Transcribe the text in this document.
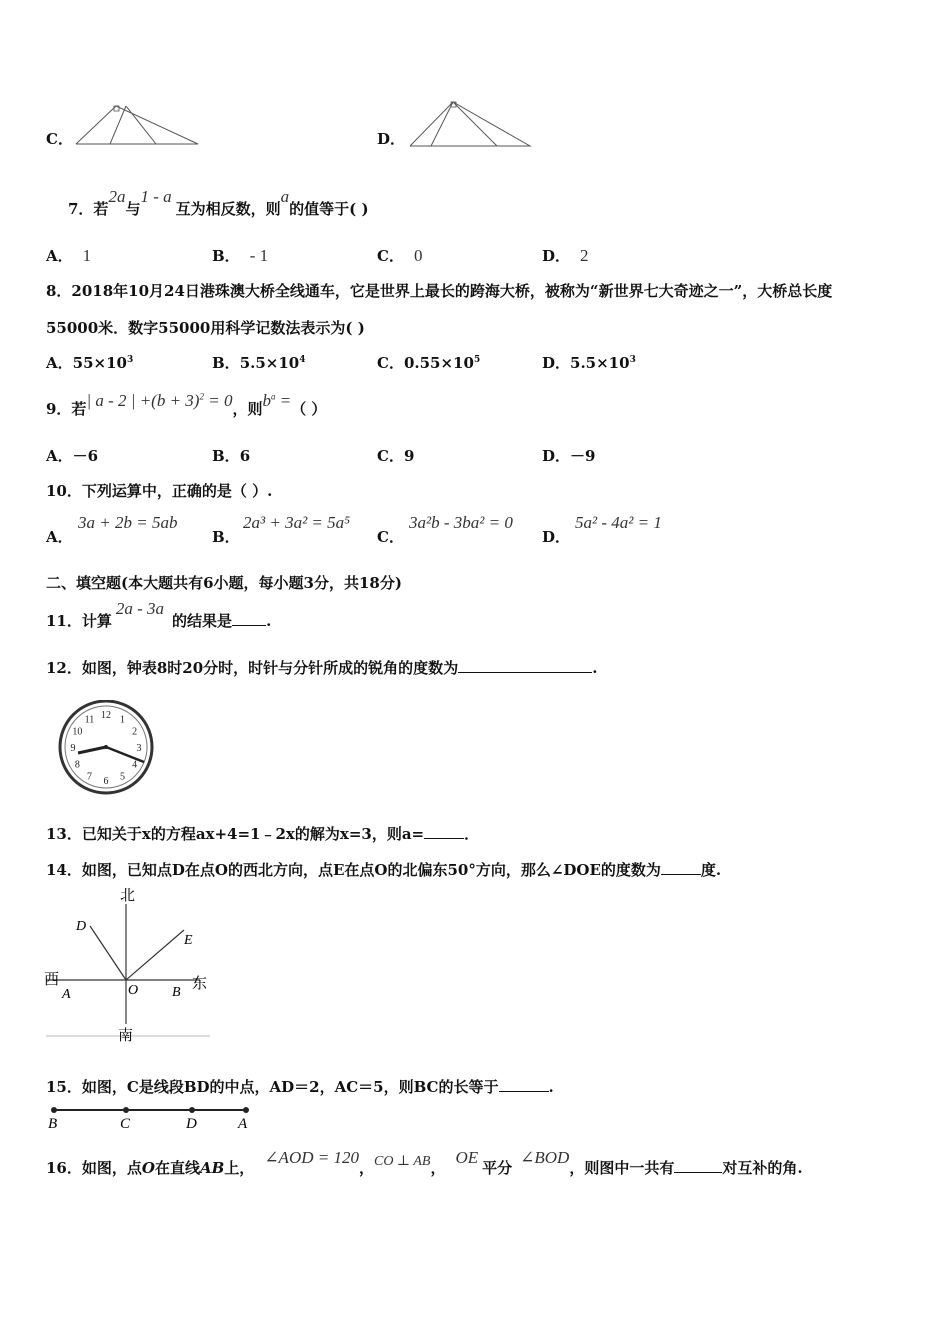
C．	D．
7．若2a与1 - a互为相反数，则a的值等于( )
A． 1	B． - 1	C． 0	D． 2
8．2018年10月24日港珠澳大桥全线通车，它是世界上最长的跨海大桥，被称为“新世界七大奇迹之一”，大桥总长度
55000米．数字55000用科学记数法表示为( )
A．$55\times 10^3$	B．$5.5\times 10^4$	C．$0.55\times 10^5$	D．$5.5\times 10^3$
9．若| a - 2 | $+(b + 3)^2 = 0$，则$b^a$ =（ ）
A．－6	B．6	C．9	D．－9
10．下列运算中，正确的是（ ）.
A．
3a + 2b = 5ab
B．
2a³ + 3a² = 5a⁵
C．
3a²b - 3ba² = 0
D．
5a² - 4a² = 1
二、填空题(本大题共有6小题，每小题3分，共18分)
11．计算2a - 3a的结果是 .
12．如图，钟表8时20分时，时针与分针所成的锐角的度数为	.
12 1
2
3
4
5
6
7
8
9
10
11
13．已知关于x的方程ax+4=1﹣2x的解为x=3，则a=	．
14．如图，已知点D在点O的西北方向，点E在点O的北偏东50°方向，那么∠DOE的度数为	度.
北
南
东
西
D
E
A	O B
15．如图，C是线段BD的中点，AD＝2，AC＝5，则BC的长等于	.
B	C	D	A
16．如图，点O在直线AB上，∠AOD = 120，CO ⊥ AB，OE平分∠BOD，则图中一共有	对互补的角.
